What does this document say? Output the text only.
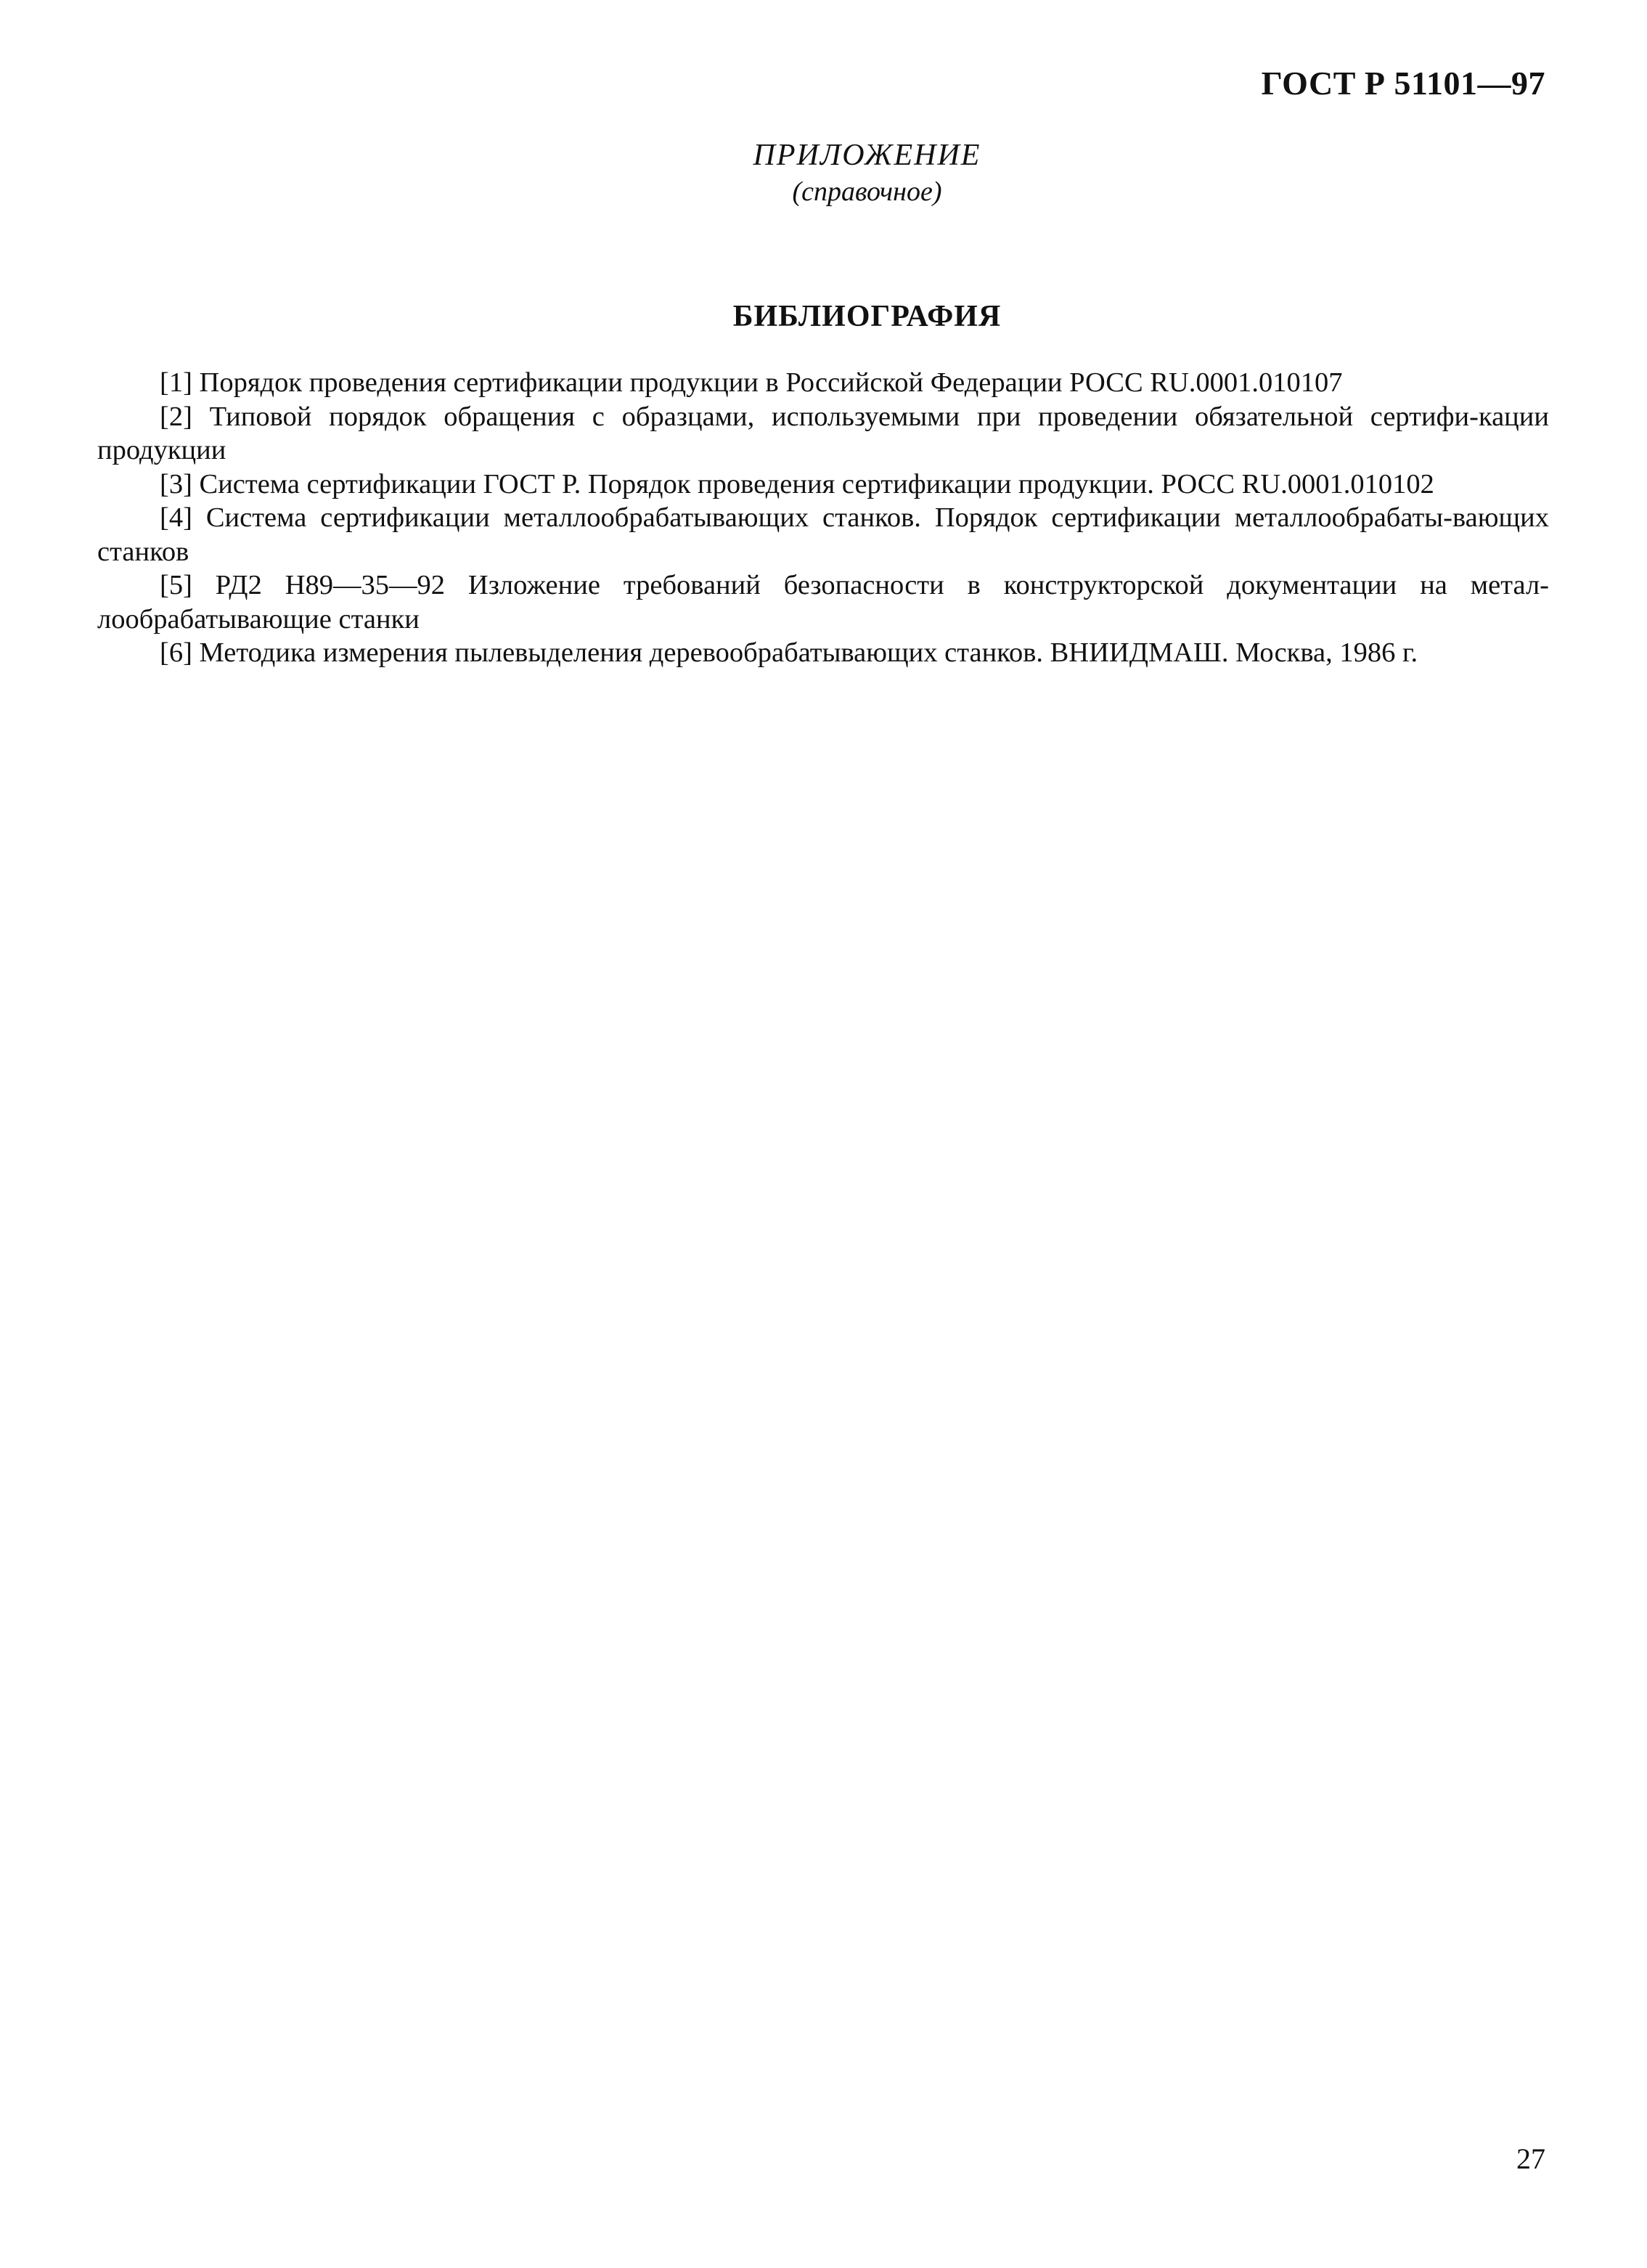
ГОСТ Р 51101—97
ПРИЛОЖЕНИЕ
(справочное)
БИБЛИОГРАФИЯ
[1] Порядок проведения сертификации продукции в Российской Федерации РОСС RU.0001.010107
[2] Типовой порядок обращения с образцами, используемыми при проведении обязательной сертифи-кации продукции
[3] Система сертификации ГОСТ Р. Порядок проведения сертификации продукции. РОСС RU.0001.010102
[4] Система сертификации металлообрабатывающих станков. Порядок сертификации металлообрабаты-вающих станков
[5] РД2 Н89—35—92 Изложение требований безопасности в конструкторской документации на метал-лообрабатывающие станки
[6] Методика измерения пылевыделения деревообрабатывающих станков. ВНИИДМАШ. Москва, 1986 г.
27
